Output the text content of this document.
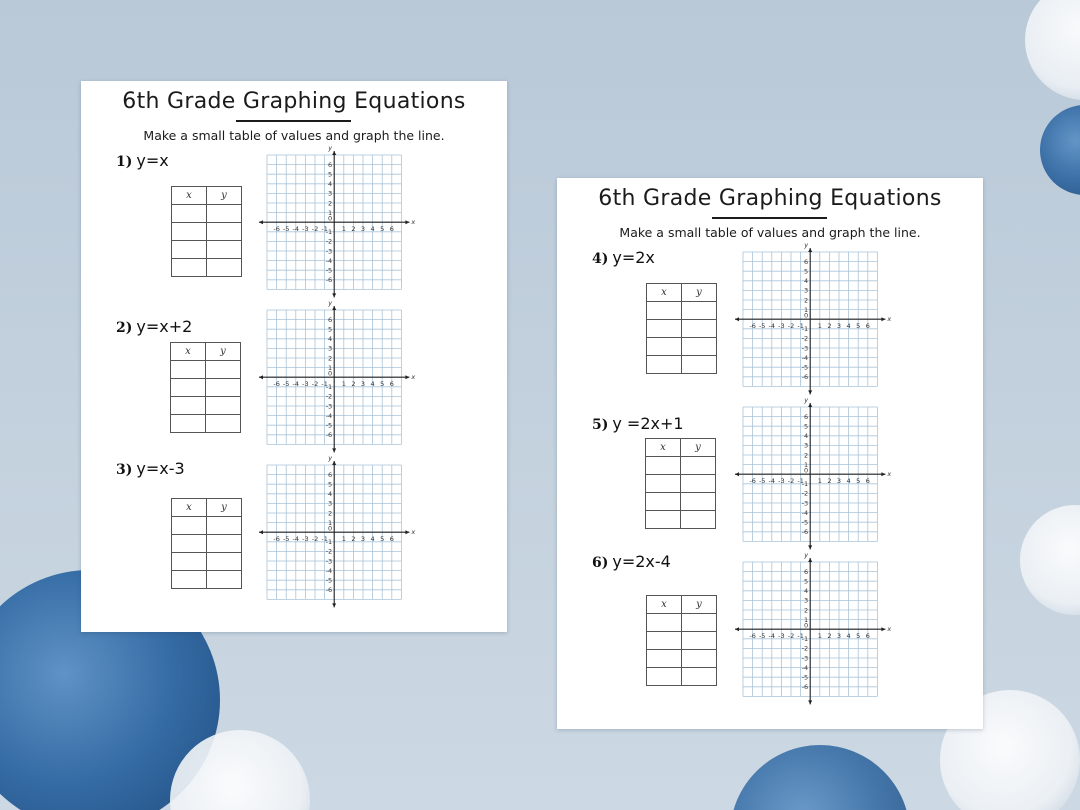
6th Grade Graphing Equations
Make a small table of values and graph the line.
1) y=x
x	y

x
y
-6 -5 -4 -3 -2 -1 1 2 3 4 5 6
6
5
4
3
2
1
-1
-2
-3
-4
-5
-6
0
2) y=x+2
x	y

x
y
-6 -5 -4 -3 -2 -1 1 2 3 4 5 6
6
5
4
3
2
1
-1
-2
-3
-4
-5
-6
0
3) y=x-3
x	y

x
y
-6 -5 -4 -3 -2 -1 1 2 3 4 5 6
6
5
4
3
2
1
-1
-2
-3
-4
-5
-6
0
6th Grade Graphing Equations
Make a small table of values and graph the line.
4) y=2x
x	y

x
y
-6 -5 -4 -3 -2 -1 1 2 3 4 5 6
6
5
4
3
2
1
-1
-2
-3
-4
-5
-6
0
5) y =2x+1
x	y

x
y
-6 -5 -4 -3 -2 -1 1 2 3 4 5 6
6
5
4
3
2
1
-1
-2
-3
-4
-5
-6
0
6) y=2x-4
x	y

x
y
-6 -5 -4 -3 -2 -1 1 2 3 4 5 6
6
5
4
3
2
1
-1
-2
-3
-4
-5
-6
0
